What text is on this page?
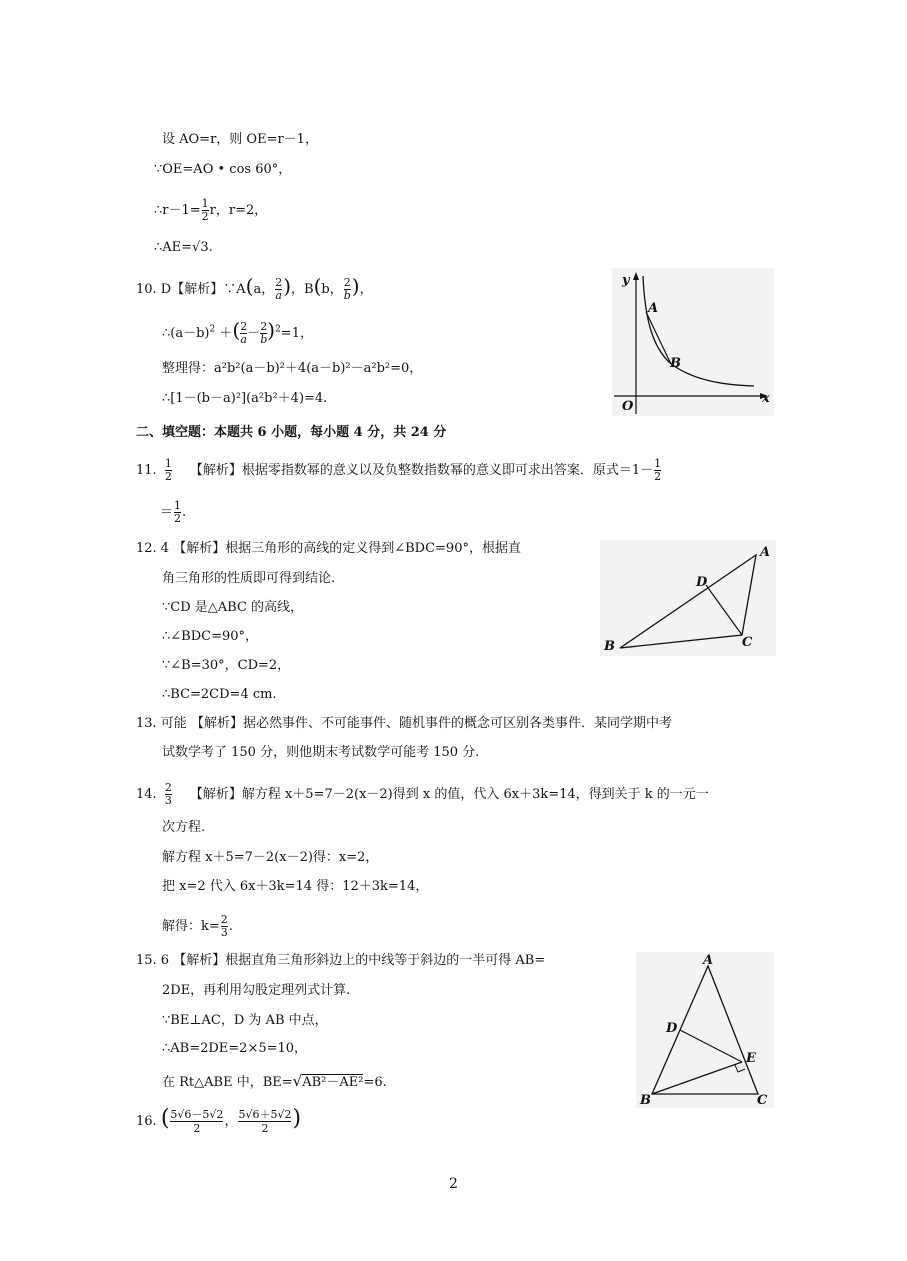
设 AO=r，则 OE=r－1，
∵OE=AO • cos 60°，
∴r－1= $\frac{1}{2}$ r，r=2，
∴AE=√3.
10. D【解析】∵A(a， $\frac{2}{a}$ )，B(b， $\frac{2}{b}$ )，
$\therefore(a-b)^2$ ＋( $\frac{2}{a} - \frac{2}{b} )^2=1$，
整理得：a²b²(a－b)²＋4(a－b)²－a²b²=0，
∴[1－(b－a)²](a²b²＋4)=4.
y
x
O
A
B
二、填空题：本题共 6 小题，每小题 4 分，共 24 分
11. $\frac{1}{2}$ 【解析】根据零指数幂的意义以及负整数指数幂的意义即可求出答案．原式$=1- \frac{1}{2}$
＝ $\frac{1}{2}$ .
12. 4 【解析】根据三角形的高线的定义得到∠BDC=90°，根据直
角三角形的性质即可得到结论.
∵CD 是△ABC 的高线，
∴∠BDC=90°，
∵∠B=30°，CD=2，
∴BC=2CD=4 cm.
A
B	C
D
13. 可能 【解析】据必然事件、不可能事件、随机事件的概念可区别各类事件．某同学期中考
试数学考了 150 分，则他期末考试数学可能考 150 分.
14. $\frac{2}{3}$ 【解析】解方程 x＋5=7－2(x－2)得到 x 的值，代入 6x＋3k=14，得到关于 k 的一元一
次方程.
解方程 x＋5=7－2(x－2)得：x=2，
把 x=2 代入 6x＋3k=14 得：12＋3k=14，
解得：$k= \frac{2}{3}$ .
15. 6 【解析】根据直角三角形斜边上的中线等于斜边的一半可得 AB=
2DE，再利用勾股定理列式计算.
∵BE⊥AC，D 为 AB 中点，
∴AB=2DE=2×5=10，
在 Rt△ABE 中，BE=√AB²－AE²=6.
A
B	C
D
E
16. ( $\frac{5√6-5√2}{2}$ ， $\frac{5√6+5√2}{2}$ )
2
